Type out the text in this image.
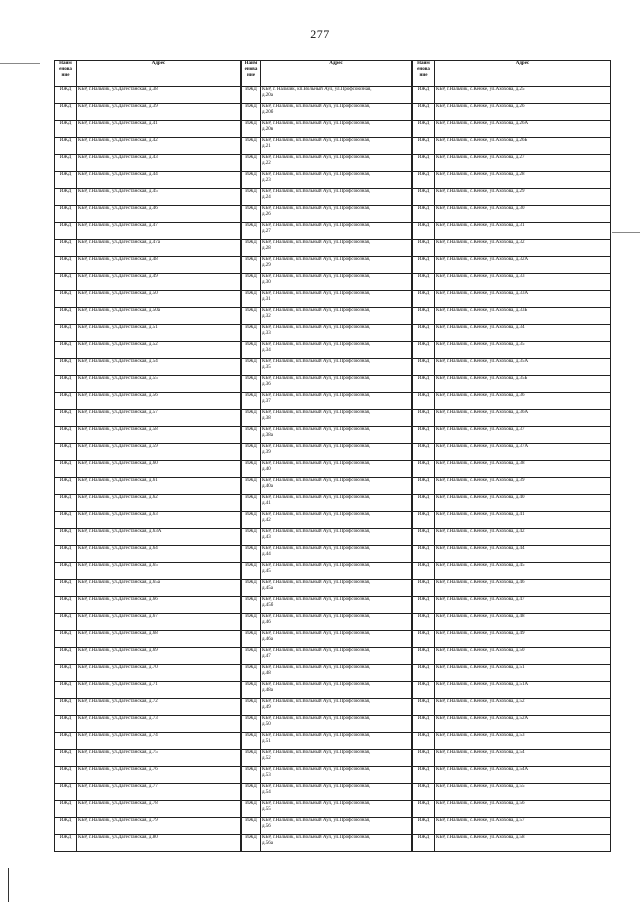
277
Наим енова ние	Адрес
ИЖД	КБР, г.Нальчик, ул.Дагестанская, д.38

ИЖД	КБР, г.Нальчик, ул.Дагестанская, д.39

ИЖД	КБР, г.Нальчик, ул.Дагестанская, д.41

ИЖД	КБР, г.Нальчик, ул.Дагестанская, д.42

ИЖД	КБР, г.Нальчик, ул.Дагестанская, д.43

ИЖД	КБР, г.Нальчик, ул.Дагестанская, д.44

ИЖД	КБР, г.Нальчик, ул.Дагестанская, д.45

ИЖД	КБР, г.Нальчик, ул.Дагестанская, д.46

ИЖД	КБР, г.Нальчик, ул.Дагестанская, д.47

ИЖД	КБР, г.Нальчик, ул.Дагестанская, д.47а

ИЖД	КБР, г.Нальчик, ул.Дагестанская, д.48

ИЖД	КБР, г.Нальчик, ул.Дагестанская, д.49

ИЖД	КБР, г.Нальчик, ул.Дагестанская, д.50

ИЖД	КБР, г.Нальчик, ул.Дагестанская, д.50а

ИЖД	КБР, г.Нальчик, ул.Дагестанская, д.51

ИЖД	КБР, г.Нальчик, ул.Дагестанская, д.52

ИЖД	КБР, г.Нальчик, ул.Дагестанская, д.54

ИЖД	КБР, г.Нальчик, ул.Дагестанская, д.55

ИЖД	КБР, г.Нальчик, ул.Дагестанская, д.56

ИЖД	КБР, г.Нальчик, ул.Дагестанская, д.57

ИЖД	КБР, г.Нальчик, ул.Дагестанская, д.58

ИЖД	КБР, г.Нальчик, ул.Дагестанская, д.59

ИЖД	КБР, г.Нальчик, ул.Дагестанская, д.60

ИЖД	КБР, г.Нальчик, ул.Дагестанская, д.61

ИЖД	КБР, г.Нальчик, ул.Дагестанская, д.62

ИЖД	КБР, г.Нальчик, ул.Дагестанская, д.63

ИЖД	КБР, г.Нальчик, ул.Дагестанская, д.63А

ИЖД	КБР, г.Нальчик, ул.Дагестанская, д.64

ИЖД	КБР, г.Нальчик, ул.Дагестанская, д.65

ИЖД	КБР, г.Нальчик, ул.Дагестанская, д.65а

ИЖД	КБР, г.Нальчик, ул.Дагестанская, д.66

ИЖД	КБР, г.Нальчик, ул.Дагестанская, д.67

ИЖД	КБР, г.Нальчик, ул.Дагестанская, д.68

ИЖД	КБР, г.Нальчик, ул.Дагестанская, д.69

ИЖД	КБР, г.Нальчик, ул.Дагестанская, д.70

ИЖД	КБР, г.Нальчик, ул.Дагестанская, д.71

ИЖД	КБР, г.Нальчик, ул.Дагестанская, д.72

ИЖД	КБР, г.Нальчик, ул.Дагестанская, д.73

ИЖД	КБР, г.Нальчик, ул.Дагестанская, д.74

ИЖД	КБР, г.Нальчик, ул.Дагестанская, д.75

ИЖД	КБР, г.Нальчик, ул.Дагестанская, д.76

ИЖД	КБР, г.Нальчик, ул.Дагестанская, д.77

ИЖД	КБР, г.Нальчик, ул.Дагестанская, д.78

ИЖД	КБР, г.Нальчик, ул.Дагестанская, д.79

ИЖД	КБР, г.Нальчик, ул.Дагестанская, д.80
Наим енова ние	Адрес
ИЖД	КБР, г. Нальчик, кп.Вольный Аул, ул.Профсоюзная,
д.20а

ИЖД	КБР, г.Нальчик, кп.Вольный Аул, ул.Профсоюзная,
д.20б

ИЖД	КБР, г.Нальчик, кп.Вольный Аул, ул.Профсоюзная,
д.20в

ИЖД	КБР, г.Нальчик, кп.Вольный Аул, ул.Профсоюзная,
д.21

ИЖД	КБР, г.Нальчик, кп.Вольный Аул, ул.Профсоюзная,
д.22

ИЖД	КБР, г.Нальчик, кп.Вольный Аул, ул.Профсоюзная,
д.23

ИЖД	КБР, г.Нальчик, кп.Вольный Аул, ул.Профсоюзная,
д.24

ИЖД	КБР, г.Нальчик, кп.Вольный Аул, ул.Профсоюзная,
д.26

ИЖД	КБР, г.Нальчик, кп.Вольный Аул, ул.Профсоюзная,
д.27

ИЖД	КБР, г.Нальчик, кп.Вольный Аул, ул.Профсоюзная,
д.28

ИЖД	КБР, г.Нальчик, кп.Вольный Аул, ул.Профсоюзная,
д.29

ИЖД	КБР, г.Нальчик, кп.Вольный Аул, ул.Профсоюзная,
д.30

ИЖД	КБР, г.Нальчик, кп.Вольный Аул, ул.Профсоюзная,
д.31

ИЖД	КБР, г.Нальчик, кп.Вольный Аул, ул.Профсоюзная,
д.32

ИЖД	КБР, г.Нальчик, кп.Вольный Аул, ул.Профсоюзная,
д.33

ИЖД	КБР, г.Нальчик, кп.Вольный Аул, ул.Профсоюзная,
д.34

ИЖД	КБР, г.Нальчик, кп.Вольный Аул, ул.Профсоюзная,
д.35

ИЖД	КБР, г.Нальчик, кп.Вольный Аул, ул.Профсоюзная,
д.36

ИЖД	КБР, г.Нальчик, кп.Вольный Аул, ул.Профсоюзная,
д.37

ИЖД	КБР, г.Нальчик, кп.Вольный Аул, ул.Профсоюзная,
д.38

ИЖД	КБР, г.Нальчик, кп.Вольный Аул, ул.Профсоюзная,
д.38а

ИЖД	КБР, г.Нальчик, кп.Вольный Аул, ул.Профсоюзная,
д.39

ИЖД	КБР, г.Нальчик, кп.Вольный Аул, ул.Профсоюзная,
д.40

ИЖД	КБР, г.Нальчик, кп.Вольный Аул, ул.Профсоюзная,
д.40а

ИЖД	КБР, г.Нальчик, кп.Вольный Аул, ул.Профсоюзная,
д.41

ИЖД	КБР, г.Нальчик, кп.Вольный Аул, ул.Профсоюзная,
д.42

ИЖД	КБР, г.Нальчик, кп.Вольный Аул, ул.Профсоюзная,
д.43

ИЖД	КБР, г.Нальчик, кп.Вольный Аул, ул.Профсоюзная,
д.44

ИЖД	КБР, г.Нальчик, кп.Вольный Аул, ул.Профсоюзная,
д.45

ИЖД	КБР, г.Нальчик, кп.Вольный Аул, ул.Профсоюзная,
д.45а

ИЖД	КБР, г.Нальчик, кп.Вольный Аул, ул.Профсоюзная,
д.45б

ИЖД	КБР, г.Нальчик, кп.Вольный Аул, ул.Профсоюзная,
д.46

ИЖД	КБР, г.Нальчик, кп.Вольный Аул, ул.Профсоюзная,
д.46а

ИЖД	КБР, г.Нальчик, кп.Вольный Аул, ул.Профсоюзная,
д.47

ИЖД	КБР, г.Нальчик, кп.Вольный Аул, ул.Профсоюзная,
д.48

ИЖД	КБР, г.Нальчик, кп.Вольный Аул, ул.Профсоюзная,
д.48а

ИЖД	КБР, г.Нальчик, кп.Вольный Аул, ул.Профсоюзная,
д.49

ИЖД	КБР, г.Нальчик, кп.Вольный Аул, ул.Профсоюзная,
д.50

ИЖД	КБР, г.Нальчик, кп.Вольный Аул, ул.Профсоюзная,
д.51

ИЖД	КБР, г.Нальчик, кп.Вольный Аул, ул.Профсоюзная,
д.52

ИЖД	КБР, г.Нальчик, кп.Вольный Аул, ул.Профсоюзная,
д.53

ИЖД	КБР, г.Нальчик, кп.Вольный Аул, ул.Профсоюзная,
д.54

ИЖД	КБР, г.Нальчик, кп.Вольный Аул, ул.Профсоюзная,
д.55

ИЖД	КБР, г.Нальчик, кп.Вольный Аул, ул.Профсоюзная,
д.56

ИЖД	КБР, г.Нальчик, кп.Вольный Аул, ул.Профсоюзная,
д.56а
Наим енова ние	Адрес
ИЖД	КБР, г.Нальчик, с.Кенже, ул.Ахохова, д.25

ИЖД	КБР, г.Нальчик, с.Кенже, ул.Ахохова, д.26

ИЖД	КБР, г.Нальчик, с.Кенже, ул.Ахохова, д.26А

ИЖД	КБР, г.Нальчик, с.Кенже, ул.Ахохова, д.26Б

ИЖД	КБР, г.Нальчик, с.Кенже, ул.Ахохова, д.27

ИЖД	КБР, г.Нальчик, с.Кенже, ул.Ахохова, д.28

ИЖД	КБР, г.Нальчик, с.Кенже, ул.Ахохова, д.29

ИЖД	КБР, г.Нальчик, с.Кенже, ул.Ахохова, д.30

ИЖД	КБР, г.Нальчик, с.Кенже, ул.Ахохова, д.31

ИЖД	КБР, г.Нальчик, с.Кенже, ул.Ахохова, д.32

ИЖД	КБР, г.Нальчик, с.Кенже, ул.Ахохова, д.32А

ИЖД	КБР, г.Нальчик, с.Кенже, ул.Ахохова, д.33

ИЖД	КБР, г.Нальчик, с.Кенже, ул.Ахохова, д.33А

ИЖД	КБР, г.Нальчик, с.Кенже, ул.Ахохова, д.33Б

ИЖД	КБР, г.Нальчик, с.Кенже, ул.Ахохова, д.34

ИЖД	КБР, г.Нальчик, с.Кенже, ул.Ахохова, д.35

ИЖД	КБР, г.Нальчик, с.Кенже, ул.Ахохова, д.35А

ИЖД	КБР, г.Нальчик, с.Кенже, ул.Ахохова, д.35Б

ИЖД	КБР, г.Нальчик, с.Кенже, ул.Ахохова, д.36

ИЖД	КБР, г.Нальчик, с.Кенже, ул.Ахохова, д.36А

ИЖД	КБР, г.Нальчик, с.Кенже, ул.Ахохова, д.37

ИЖД	КБР, г.Нальчик, с.Кенже, ул.Ахохова, д.37А

ИЖД	КБР, г.Нальчик, с.Кенже, ул.Ахохова, д.38

ИЖД	КБР, г.Нальчик, с.Кенже, ул.Ахохова, д.39

ИЖД	КБР, г.Нальчик, с.Кенже, ул.Ахохова, д.40

ИЖД	КБР, г.Нальчик, с.Кенже, ул.Ахохова, д.41

ИЖД	КБР, г.Нальчик, с.Кенже, ул.Ахохова, д.42

ИЖД	КБР, г.Нальчик, с.Кенже, ул.Ахохова, д.44

ИЖД	КБР, г.Нальчик, с.Кенже, ул.Ахохова, д.45

ИЖД	КБР, г.Нальчик, с.Кенже, ул.Ахохова, д.46

ИЖД	КБР, г.Нальчик, с.Кенже, ул.Ахохова, д.47

ИЖД	КБР, г.Нальчик, с.Кенже, ул.Ахохова, д.48

ИЖД	КБР, г.Нальчик, с.Кенже, ул.Ахохова, д.49

ИЖД	КБР, г.Нальчик, с.Кенже, ул.Ахохова, д.50

ИЖД	КБР, г.Нальчик, с.Кенже, ул.Ахохова, д.51

ИЖД	КБР, г.Нальчик, с.Кенже, ул.Ахохова, д.51А

ИЖД	КБР, г.Нальчик, с.Кенже, ул.Ахохова, д.52

ИЖД	КБР, г.Нальчик, с.Кенже, ул.Ахохова, д.52А

ИЖД	КБР, г.Нальчик, с.Кенже, ул.Ахохова, д.53

ИЖД	КБР, г.Нальчик, с.Кенже, ул.Ахохова, д.54

ИЖД	КБР, г.Нальчик, с.Кенже, ул.Ахохова, д.54А

ИЖД	КБР, г.Нальчик, с.Кенже, ул.Ахохова, д.55

ИЖД	КБР, г.Нальчик, с.Кенже, ул.Ахохова, д.56

ИЖД	КБР, г.Нальчик, с.Кенже, ул.Ахохова, д.57

ИЖД	КБР, г.Нальчик, с.Кенже, ул.Ахохова, д.58
